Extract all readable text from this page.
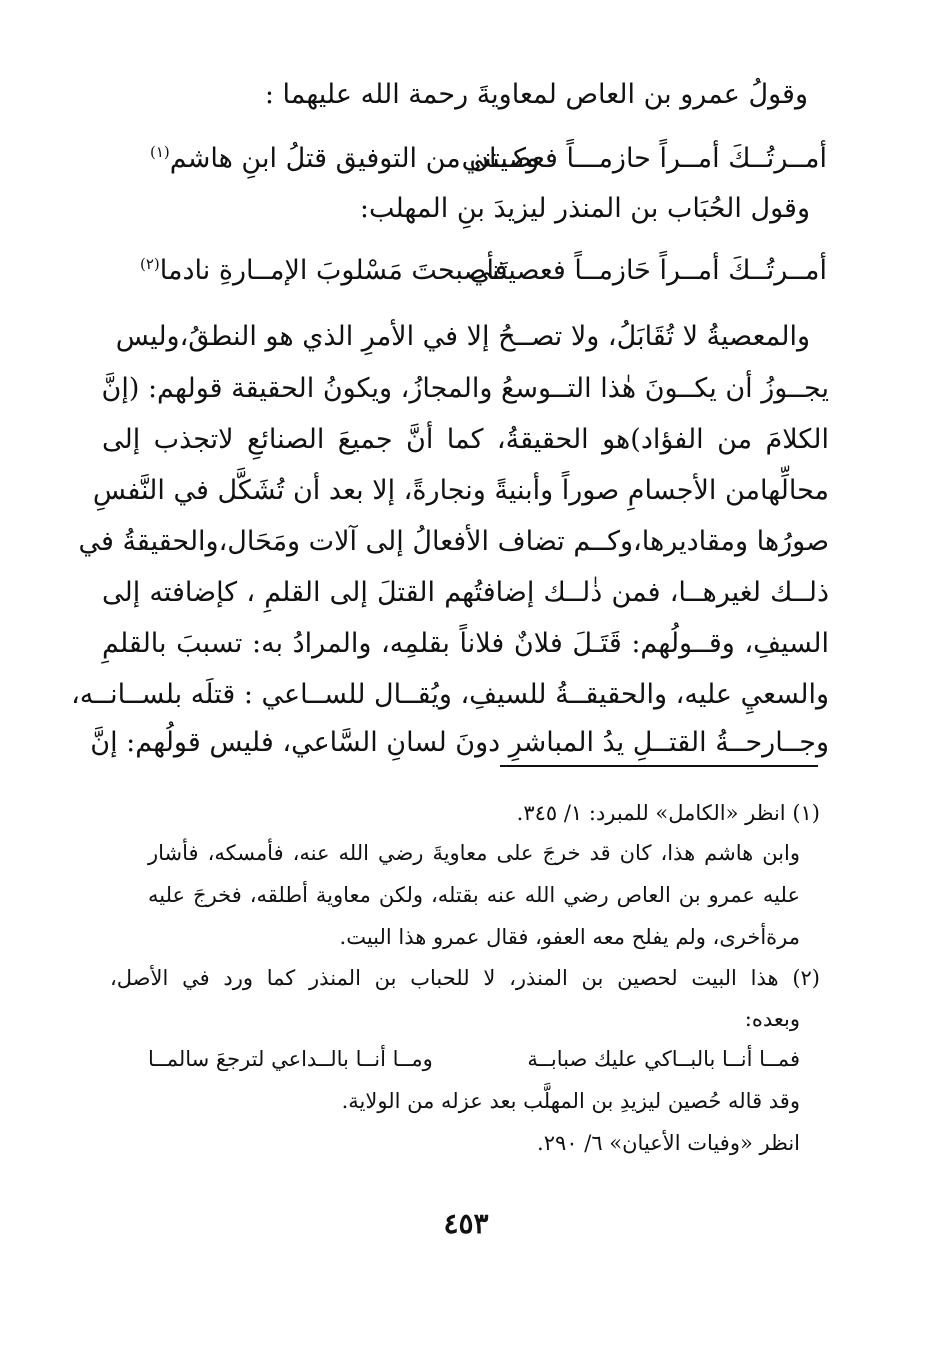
وقولُ عمرو بن العاص لمعاويةَ رحمة الله عليهما :

أمــرتُــكَ أمــراً حازمـــاً فعصيتني
وكــان من التوفيق قتلُ ابنِ هاشم$^{(١)}$

وقول الحُبَاب بن المنذر ليزيدَ بنِ المهلب:

أمــرتُــكَ أمــراً حَازمــاً فعصيتَني
فأصبحتَ مَسْلوبَ الإمــارةِ نادما$^{(٢)}$

والمعصيةُ لا تُقَابَلُ، ولا تصــحُ إلا في الأمرِ الذي هو النطقُ،وليس

يجــوزُ أن يكــونَ هٰذا التــوسعُ والمجازُ، ويكونُ الحقيقة قولهم: (إنَّ

الكلامَ من الفؤاد)هو الحقيقةُ، كما أنَّ جميعَ الصنائعِ لاتجذب إلى

محالِّهامن الأجسامِ صوراً وأبنيةً ونجارةً، إلا بعد أن تُشَكَّل في النَّفسِ

صورُها ومقاديرها،وكــم تضاف الأفعالُ إلى آلات ومَحَال،والحقيقةُ في

ذلــك لغيرهــا، فمن ذٰلــك إضافتُهم القتلَ إلى القلمِ ، كإضافته إلى

السيفِ، وقــولُهم: قَتَـلَ فلانٌ فلاناً بقلمِه، والمرادُ به: تسببَ بالقلمِ

والسعيِ عليه، والحقيقــةُ للسيفِ، ويُقــال للســاعي : قتلَه بلســانــه،

وجــارحــةُ القتــلِ يدُ المباشرِ دونَ لسانِ السَّاعي، فليس قولُهم: إنَّ

(١) انظر «الكامل» للمبرد: ١/ ٣٤٥.

وابن هاشم هذا، كان قد خرجَ على معاويةَ رضي الله عنه، فأمسكه، فأشار

عليه عمرو بن العاص رضي الله عنه بقتله، ولكن معاوية أطلقه، فخرجَ عليه

مرةأخرى، ولم يفلح معه العفو، فقال عمرو هذا البيت.

(٢) هذا البيت لحصين بن المنذر، لا للحباب بن المنذر كما ورد في الأصل،

وبعده:

فمــا أنــا بالبــاكي عليك صبابــة
ومــا أنــا بالــداعي لترجعَ سالمــا

وقد قاله حُصين ليزيدِ بن المهلَّب بعد عزله من الولاية.

انظر «وفيات الأعيان» ٦/ ٢٩٠.

٤٥٣
